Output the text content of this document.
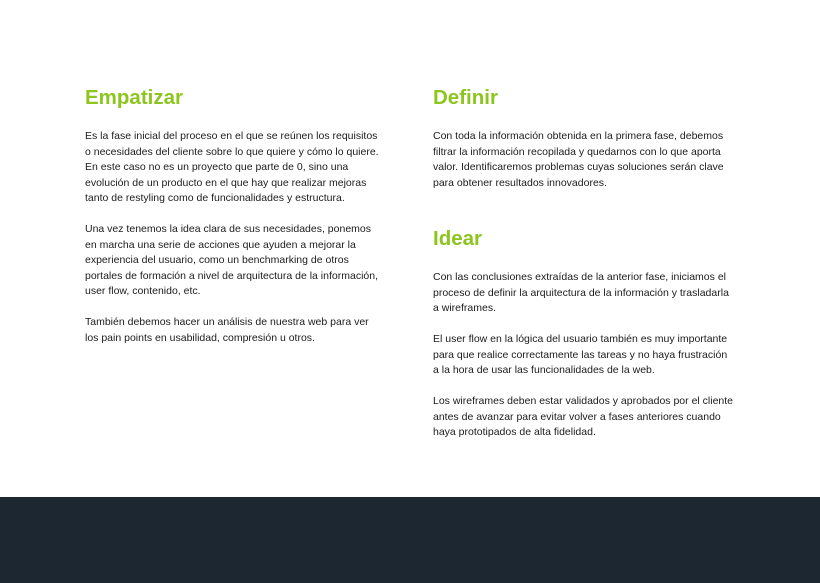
Empatizar

Es la fase inicial del proceso en el que se reúnen los requisitos
o necesidades del cliente sobre lo que quiere y cómo lo quiere.
En este caso no es un proyecto que parte de 0, sino una
evolución de un producto en el que hay que realizar mejoras
tanto de restyling como de funcionalidades y estructura.

Una vez tenemos la idea clara de sus necesidades, ponemos
en marcha una serie de acciones que ayuden a mejorar la
experiencia del usuario, como un benchmarking de otros
portales de formación a nivel de arquitectura de la información,
user flow, contenido, etc.

También debemos hacer un análisis de nuestra web para ver
los pain points en usabilidad, compresión u otros.

Definir

Con toda la información obtenida en la primera fase, debemos
filtrar la información recopilada y quedarnos con lo que aporta
valor. Identificaremos problemas cuyas soluciones serán clave
para obtener resultados innovadores.

Idear

Con las conclusiones extraídas de la anterior fase, iniciamos el
proceso de definir la arquitectura de la información y trasladarla
a wireframes.

El user flow en la lógica del usuario también es muy importante
para que realice correctamente las tareas y no haya frustración
a la hora de usar las funcionalidades de la web.

Los wireframes deben estar validados y aprobados por el cliente
antes de avanzar para evitar volver a fases anteriores cuando
haya prototipados de alta fidelidad.
